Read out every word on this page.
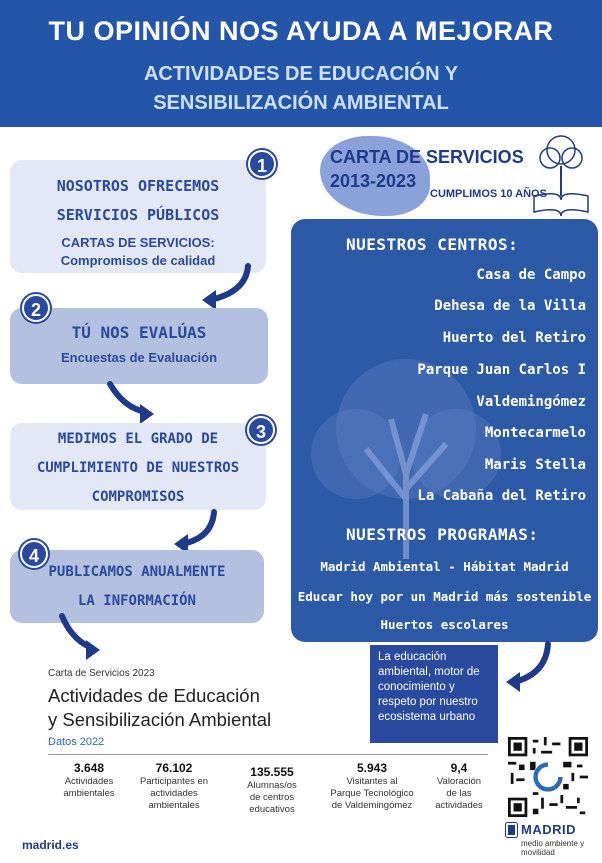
TU OPINIÓN NOS AYUDA A MEJORAR
ACTIVIDADES DE EDUCACIÓN Y
SENSIBILIZACIÓN AMBIENTAL
NOSOTROS OFRECEMOS
SERVICIOS PÚBLICOS
CARTAS DE SERVICIOS:
Compromisos de calidad
1
TÚ NOS EVALÚAS
Encuestas de Evaluación
2
MEDIMOS EL GRADO DE
CUMPLIMIENTO DE NUESTROS
COMPROMISOS
3
PUBLICAMOS ANUALMENTE
LA INFORMACIÓN
4
CARTA DE SERVICIOS
2013-2023
CUMPLIMOS 10 AÑOS
NUESTROS CENTROS:
Casa de Campo
Dehesa de la Villa
Huerto del Retiro
Parque Juan Carlos I
Valdemingómez
Montecarmelo
Maris Stella
La Cabaña del Retiro
NUESTROS PROGRAMAS:
Madrid Ambiental - Hábitat Madrid
Educar hoy por un Madrid más sostenible
Huertos escolares
La educación ambiental, motor de conocimiento y respeto por nuestro ecosistema urbano
Carta de Servicios 2023
Actividades de Educación
y Sensibilización Ambiental
Datos 2022
3.648
Actividades
ambientales
76.102
Participantes en
actividades
ambientales
135.555
Alumnas/os
de centros
educativos
5.943
Visitantes al
Parque Tecnológico
de Valdemingómez
9,4
Valoración
de las
actividades
madrid.es
MADRID
medio ambiente y
movilidad
